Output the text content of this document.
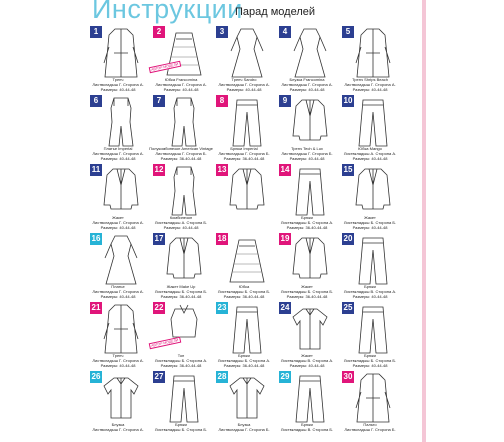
Инструкции
Парад моделей
1
Тренч
Листвкладыш Г. Сторона А.
Размеры: 40-44-48
2
Юбка Francomina
Листвкладыш Г. Сторона А.
Размеры: 40-44-48
АВТОР МОДЕЛИ
3
Тренч Sandro
Листвкладыш Г. Сторона А.
Размеры: 40-44-48
4
Блузка Francomina
Листвкладыш Г. Сторона А.
Размеры: 40-44-48
5
Тренч Shrips Beach
Листвкладыш Г. Сторона А.
Размеры: 40-44-48
6
Платье Imperial
Листвкладыш Г. Сторона А.
Размеры: 40-44-48
7
Полукомбинезон American Vintage
Листвкладыш Г. Сторона Б.
Размеры: 36-40-44-48
8
Брюки Imperial
Листвкладыш Г. Сторона Б.
Размеры: 36-40-44-48
9
Тренч Tech & Lux
Листвкладыш Г. Сторона Б.
Размеры: 40-44-48
10
Юбка Mango
Листвкладыш А. Сторона А.
Размеры: 40-44-48
11
Жакет
Листвкладыш Г. Сторона А.
Размеры: 40-44-48
12
Комбинезон
Листвкладыш А. Сторона Б.
Размеры: 40-44-48
13	14
Брюки
Листвкладыш Б. Сторона А.
Размеры: 36-40-44-48
15
Жакет
Листвкладыш Б. Сторона Б.
Размеры: 40-44-48
16
Платье
Листвкладыш Г. Сторона А.
Размеры: 40-44-48
17
Жакет Make Up
Листвкладыш Б. Сторона Б.
Размеры: 36-40-44-48
18
Юбка
Листвкладыш Б. Сторона Б.
Размеры: 36-40-44-48
19
Жакет
Листвкладыш Б. Сторона Б.
Размеры: 36-40-44-48
20
Брюки
Листвкладыш В. Сторона А.
Размеры: 40-44-48
21
Тренч
Листвкладыш Г. Сторона А.
Размеры: 40-44-48
22
Топ
Листвкладыш Б. Сторона А.
Размеры: 36-40-44-48
АВТОР МОДЕЛИ
23
Брюки
Листвкладыш Б. Сторона А.
Размеры: 36-40-44-48
24
Жакет
Листвкладыш В. Сторона А.
Размеры: 40-44-48
25
Брюки
Листвкладыш Б. Сторона Б.
Размеры: 40-44-48
26
Блузка
Листвкладыш Г. Сторона А.
27
Брюки
Листвкладыш Б. Сторона Б.
28
Блузка
Листвкладыш Г. Сторона Б.
29
Брюки
Листвкладыш В. Сторона Б.
30
Пальто
Листвкладыш Г. Сторона Б.
